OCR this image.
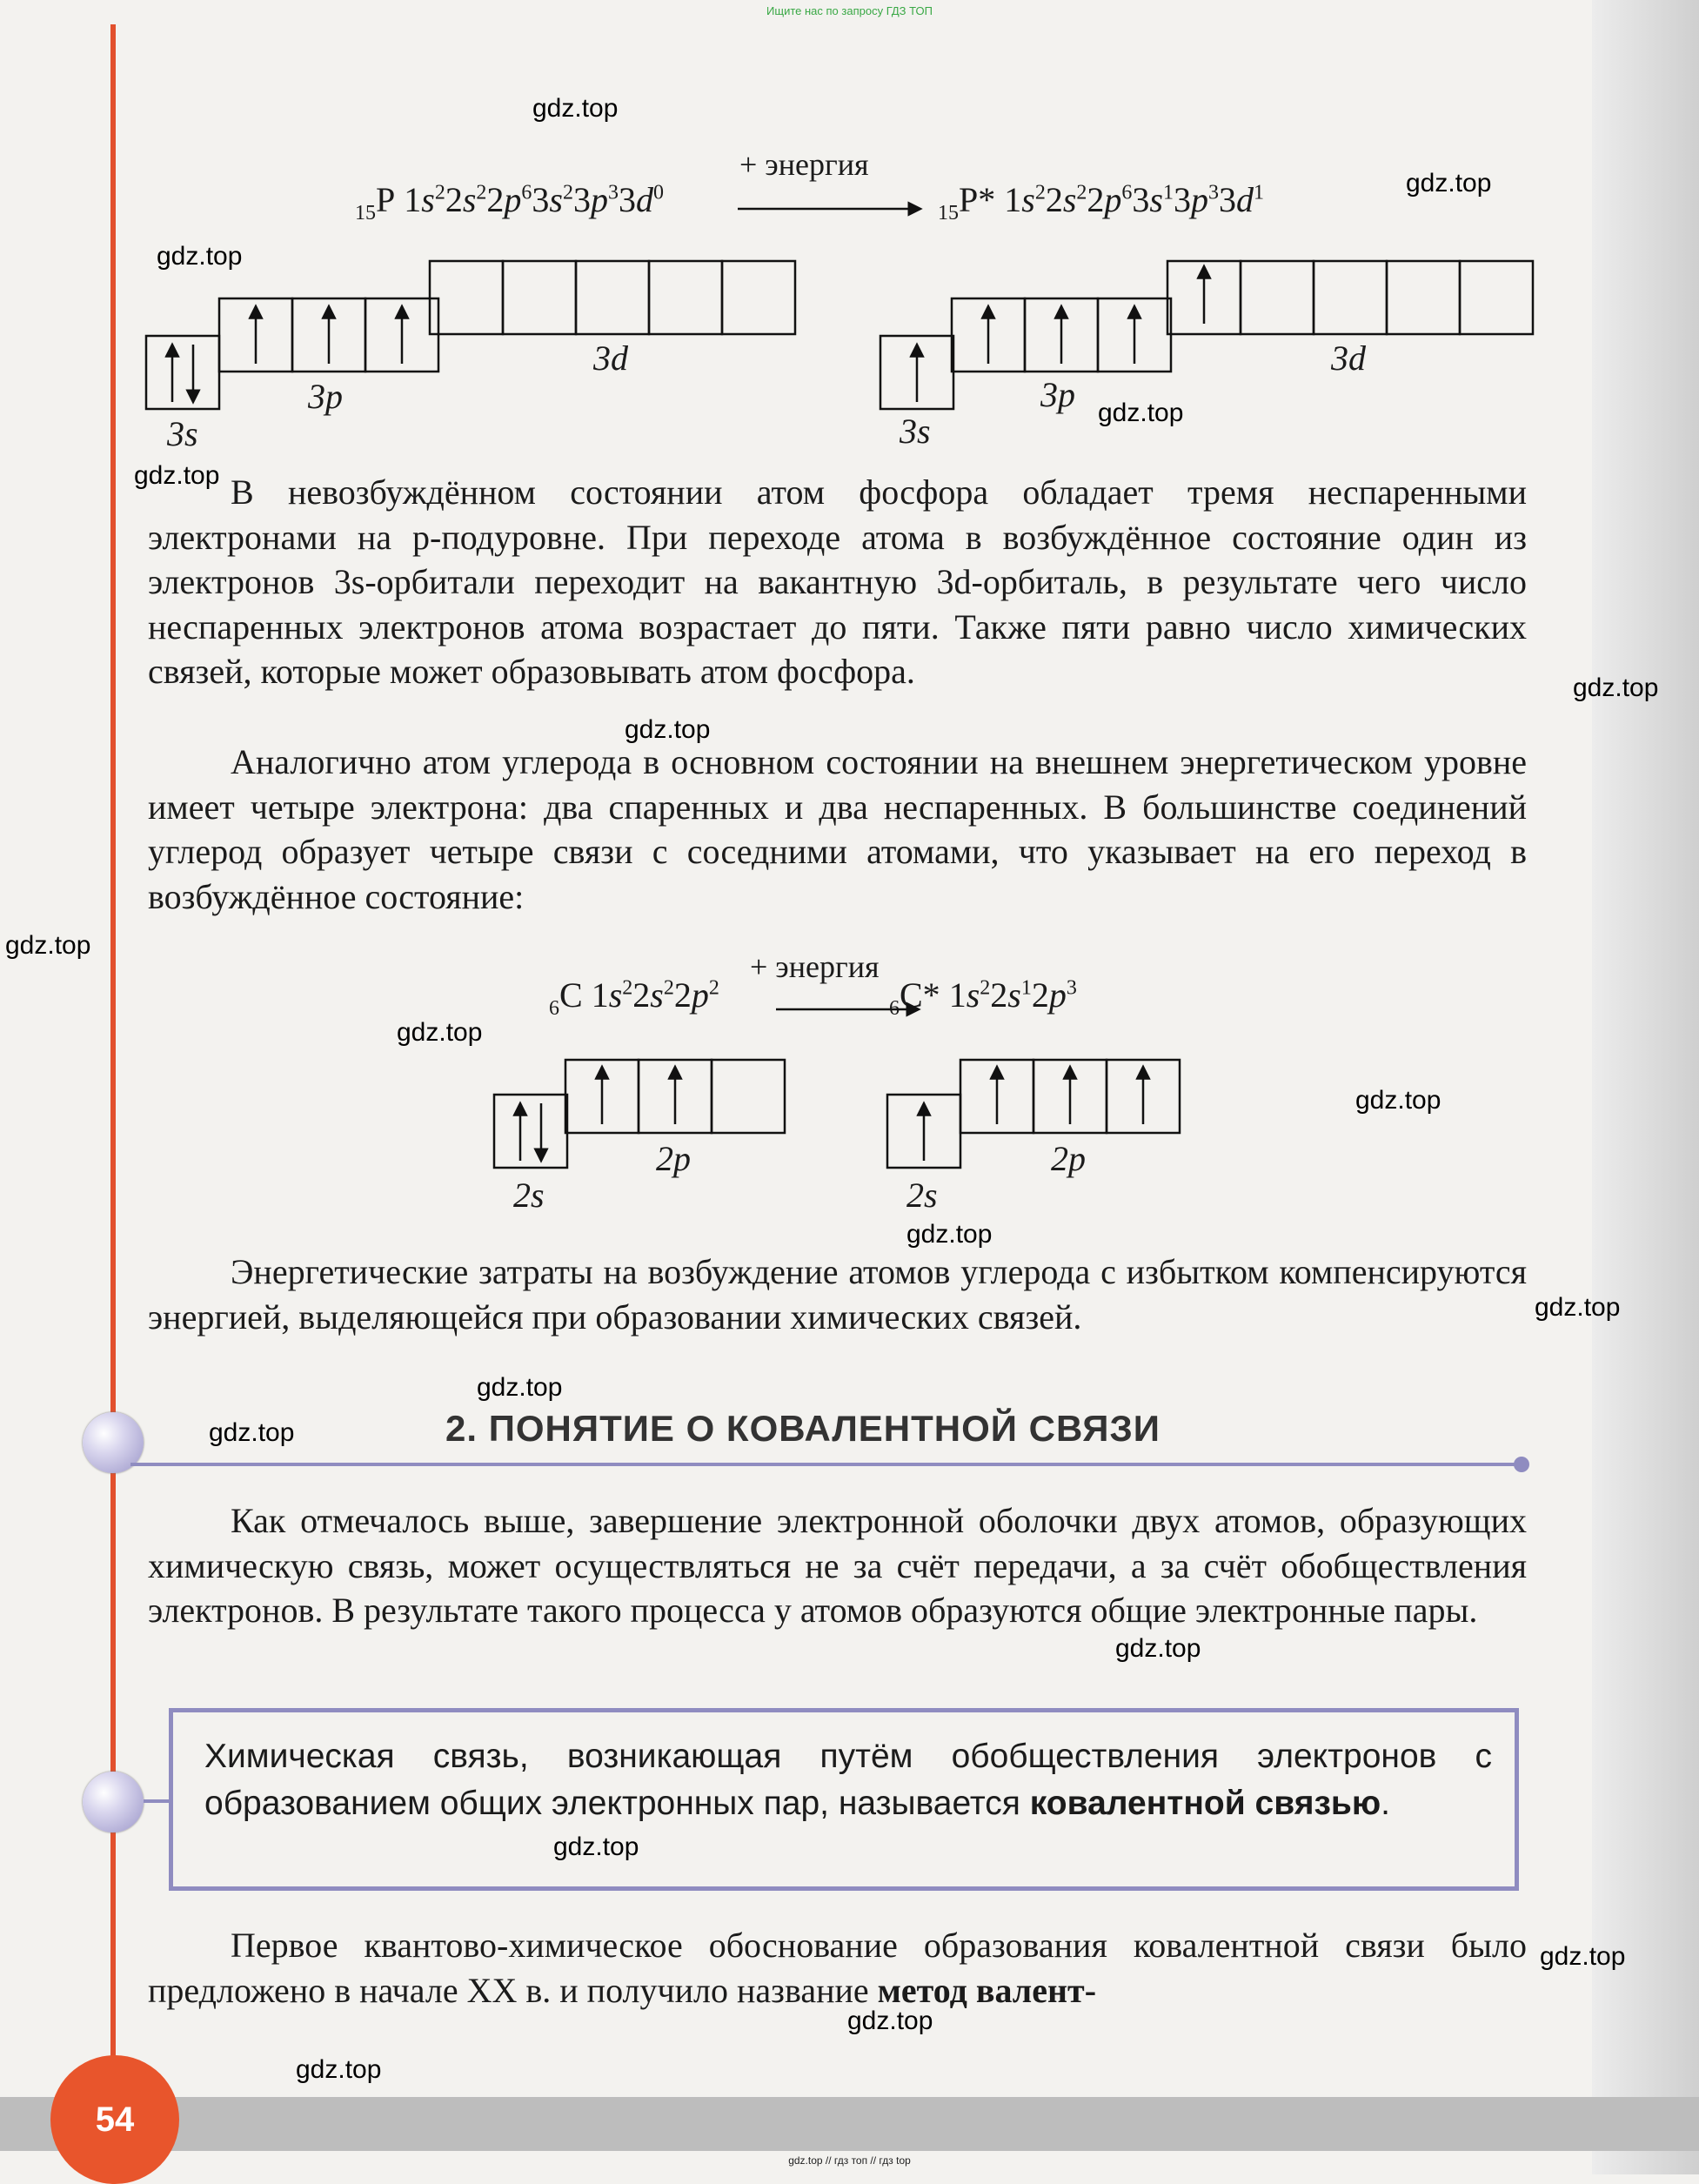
Ищите нас по запросу ГДЗ ТОП
$_{15}$P $1s^22s^22p^63s^23p^33d^0$
+ энергия
$_{15}$P* $1s^22s^22p^63s^13p^33d^1$
$_6$C $1s^22s^22p^2$
+ энергия
$_6$C* $1s^22s^12p^3$
3s
3p
3d
3s
3p
3d
2s
2p
2s
2p

В невозбуждённом состоянии атом фосфора обладает тремя неспаренными электронами на p-подуровне. При переходе атома в возбуждённое состояние один из электронов 3s-орбитали переходит на вакантную 3d-орбиталь, в результате чего число неспаренных электронов атома возрастает до пяти. Также пяти равно число химических связей, которые может образовывать атом фосфора.

Аналогично атом углерода в основном состоянии на внешнем энергетическом уровне имеет четыре электрона: два спаренных и два неспаренных. В большинстве соединений углерод образует четыре связи с соседними атомами, что указывает на его переход в возбуждённое состояние:

Энергетические затраты на возбуждение атомов углерода с избытком компенсируются энергией, выделяющейся при образовании химических связей.

2. ПОНЯТИЕ О КОВАЛЕНТНОЙ СВЯЗИ

Как отмечалось выше, завершение электронной оболочки двух атомов, образующих химическую связь, может осуществляться не за счёт передачи, а за счёт обобществления электронов. В результате такого процесса у атомов образуются общие электронные пары.

Химическая связь, возникающая путём обобществления электронов с образованием общих электронных пар, называется ковалентной связью.

Первое квантово-химическое обоснование образования ковалентной связи было предложено в начале XX в. и получило название метод валент-

54
gdz.top
gdz.top
gdz.top
gdz.top
gdz.top
gdz.top
gdz.top
gdz.top
gdz.top
gdz.top
gdz.top
gdz.top
gdz.top
gdz.top
gdz.top
gdz.top
gdz.top
gdz.top
gdz.top
gdz.top // гдз топ // гдз top
